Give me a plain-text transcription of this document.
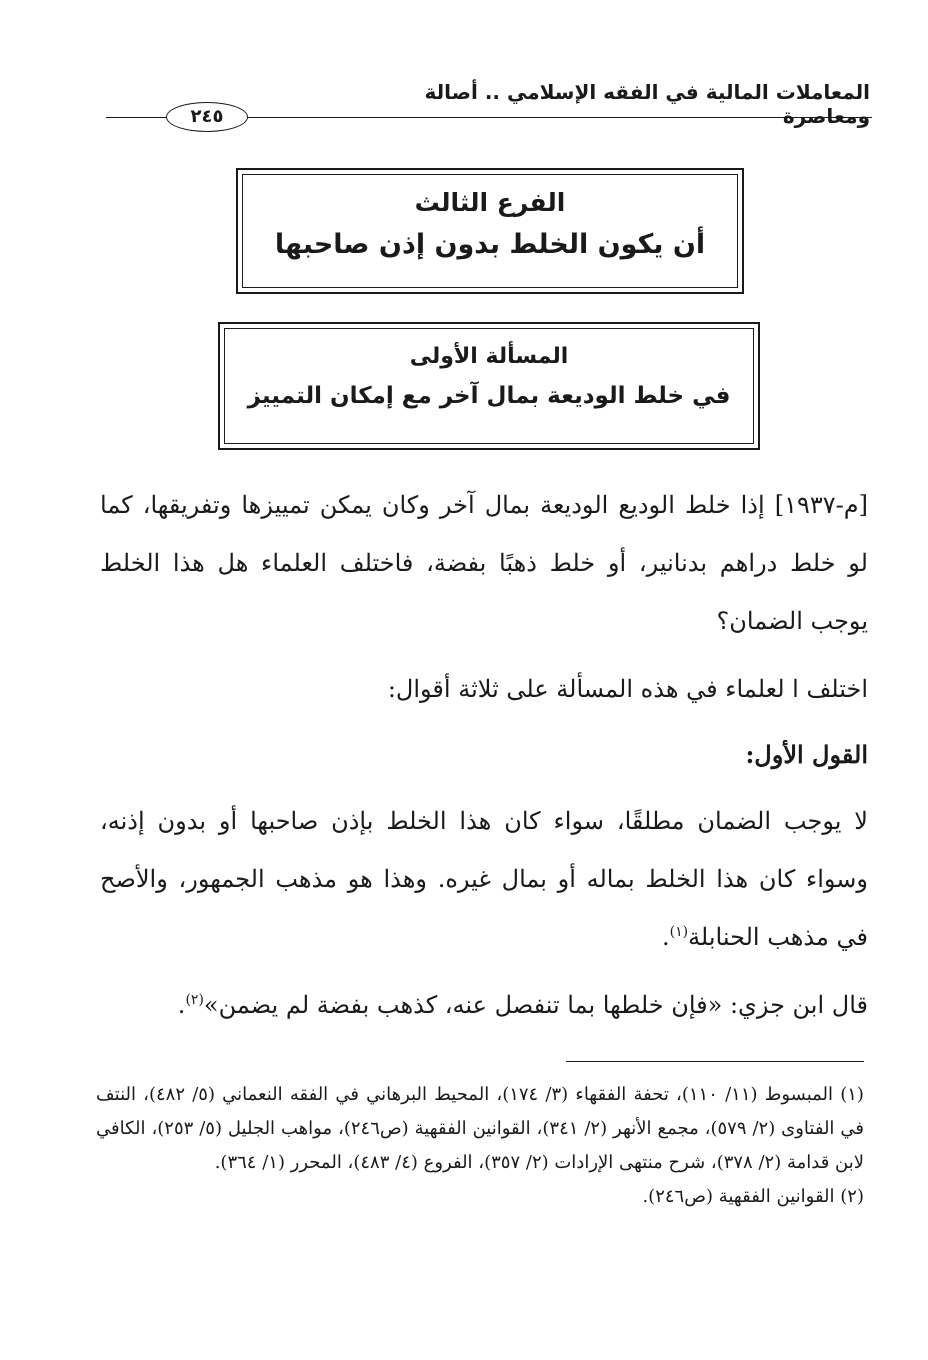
المعاملات المالية في الفقه الإسلامي .. أصالة ومعاصرة
٢٤٥
الفرع الثالث
أن يكون الخلط بدون إذن صاحبها
المسألة الأولى
في خلط الوديعة بمال آخر مع إمكان التمييز

[م-١٩٣٧] إذا خلط الوديع الوديعة بمال آخر وكان يمكن تمييزها وتفريقها، كما لو خلط دراهم بدنانير، أو خلط ذهبًا بفضة، فاختلف العلماء هل هذا الخلط يوجب الضمان؟

اختلف ا لعلماء في هذه المسألة على ثلاثة أقوال:

القول الأول:

لا يوجب الضمان مطلقًا، سواء كان هذا الخلط بإذن صاحبها أو بدون إذنه، وسواء كان هذا الخلط بماله أو بمال غيره. وهذا هو مذهب الجمهور، والأصح في مذهب الحنابلة$^{(١)}$.

قال ابن جزي: «فإن خلطها بما تنفصل عنه، كذهب بفضة لم يضمن»$^{(٢)}$.

(١) المبسوط (١١/ ١١٠)، تحفة الفقهاء (٣/ ١٧٤)، المحيط البرهاني في الفقه النعماني (٥/ ٤٨٢)، النتف في الفتاوى (٢/ ٥٧٩)، مجمع الأنهر (٢/ ٣٤١)، القوانين الفقهية (ص٢٤٦)، مواهب الجليل (٥/ ٢٥٣)، الكافي لابن قدامة (٢/ ٣٧٨)، شرح منتهى الإرادات (٢/ ٣٥٧)، الفروع (٤/ ٤٨٣)، المحرر (١/ ٣٦٤).

(٢) القوانين الفقهية (ص٢٤٦).
